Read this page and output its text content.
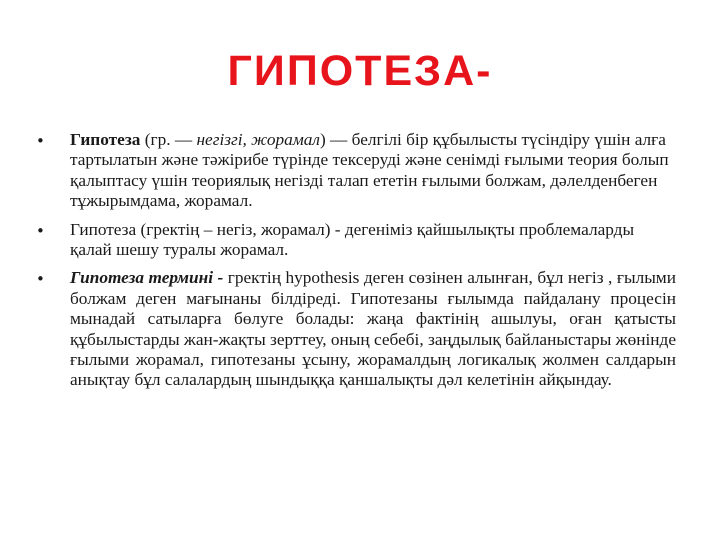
ГИПОТЕЗА-
• Гипотеза (гр. — негізгі, жорамал) — белгілі бір құбылысты түсіндіру үшін алға тартылатын және тәжірибе түрінде тексеруді және сенімді ғылыми теория болып қалыптасу үшін теориялық негізді талап ететін ғылыми болжам, дәлелденбеген тұжырымдама, жорамал.
• Гипотеза (гректің – негіз, жорамал) - дегеніміз қайшылықты проблемаларды қалай шешу туралы жорамал.
• Гипотеза термині - гректің һypotһesis деген сөзінен алынған, бұл негіз , ғылыми болжам деген мағынаны білдіреді. Гипотезаны ғылымда пайдалану процесін мынадай сатыларға бөлуге болады: жаңа фактінің ашылуы, оған қатысты құбылыстарды жан-жақты зерттеу, оның себебі, заңдылық байланыстары жөнінде ғылыми жорамал, гипотезаны ұсыну, жорамалдың логикалық жолмен салдарын анықтау бұл салалардың шындыққа қаншалықты дәл келетінін айқындау.
